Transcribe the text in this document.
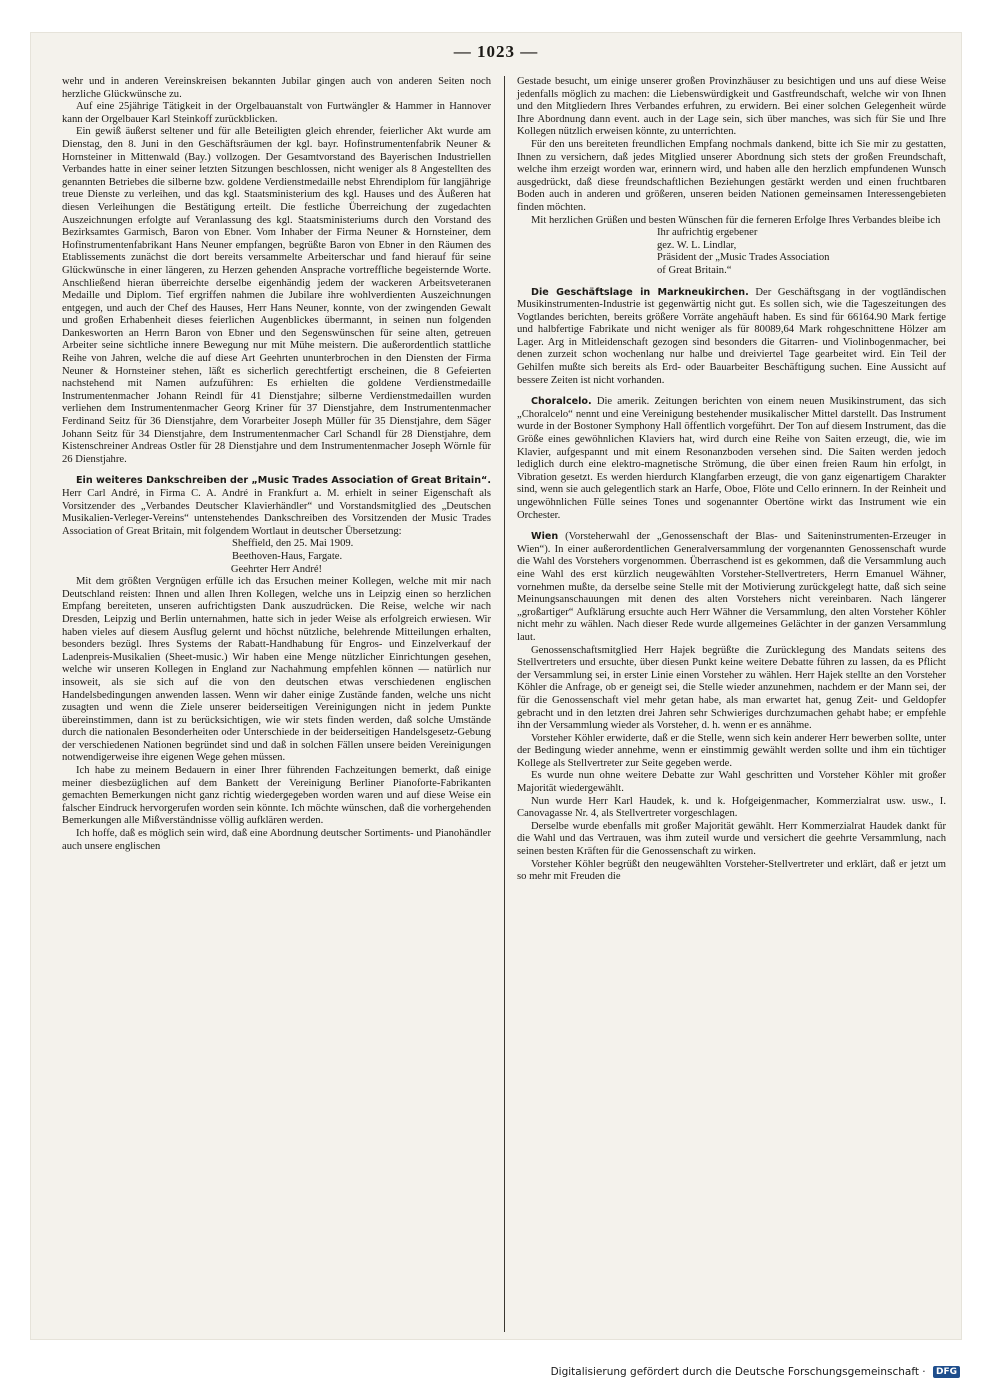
— 1023 —

wehr und in anderen Vereinskreisen bekannten Jubilar gingen auch von anderen Seiten noch herzliche Glückwünsche zu.

Auf eine 25jährige Tätigkeit in der Orgelbauanstalt von Furtwängler & Hammer in Hannover kann der Orgelbauer Karl Steinkoff zurückblicken.

Ein gewiß äußerst seltener und für alle Beteiligten gleich ehrender, feierlicher Akt wurde am Dienstag, den 8. Juni in den Geschäftsräumen der kgl. bayr. Hofinstrumentenfabrik Neuner & Hornsteiner in Mittenwald (Bay.) vollzogen. Der Gesamtvorstand des Bayerischen Industriellen Verbandes hatte in einer seiner letzten Sitzungen beschlossen, nicht weniger als 8 Angestellten des genannten Betriebes die silberne bzw. goldene Verdienstmedaille nebst Ehrendiplom für langjährige treue Dienste zu verleihen, und das kgl. Staatsministerium des kgl. Hauses und des Äußeren hat diesen Verleihungen die Bestätigung erteilt. Die festliche Überreichung der zugedachten Auszeichnungen erfolgte auf Veranlassung des kgl. Staatsministeriums durch den Vorstand des Bezirksamtes Garmisch, Baron von Ebner. Vom Inhaber der Firma Neuner & Hornsteiner, dem Hofinstrumentenfabrikant Hans Neuner empfangen, begrüßte Baron von Ebner in den Räumen des Etablissements zunächst die dort bereits versammelte Arbeiterschar und fand hierauf für seine Glückwünsche in einer längeren, zu Herzen gehenden Ansprache vortreffliche begeisternde Worte. Anschließend hieran überreichte derselbe eigenhändig jedem der wackeren Arbeitsveteranen Medaille und Diplom. Tief ergriffen nahmen die Jubilare ihre wohlverdienten Auszeichnungen entgegen, und auch der Chef des Hauses, Herr Hans Neuner, konnte, von der zwingenden Gewalt und großen Erhabenheit dieses feierlichen Augenblickes übermannt, in seinen nun folgenden Dankesworten an Herrn Baron von Ebner und den Segenswünschen für seine alten, getreuen Arbeiter seine sichtliche innere Bewegung nur mit Mühe meistern. Die außerordentlich stattliche Reihe von Jahren, welche die auf diese Art Geehrten ununterbrochen in den Diensten der Firma Neuner & Hornsteiner stehen, läßt es sicherlich gerechtfertigt erscheinen, die 8 Gefeierten nachstehend mit Namen aufzuführen: Es erhielten die goldene Verdienstmedaille Instrumentenmacher Johann Reindl für 41 Dienstjahre; silberne Verdienstmedaillen wurden verliehen dem Instrumentenmacher Georg Kriner für 37 Dienstjahre, dem Instrumentenmacher Ferdinand Seitz für 36 Dienstjahre, dem Vorarbeiter Joseph Müller für 35 Dienstjahre, dem Säger Johann Seitz für 34 Dienstjahre, dem Instrumentenmacher Carl Schandl für 28 Dienstjahre, dem Kistenschreiner Andreas Ostler für 28 Dienstjahre und dem Instrumentenmacher Joseph Wörnle für 26 Dienstjahre.

Ein weiteres Dankschreiben der „Music Trades Association of Great Britain“. Herr Carl André, in Firma C. A. André in Frankfurt a. M. erhielt in seiner Eigenschaft als Vorsitzender des „Verbandes Deutscher Klavierhändler“ und Vorstandsmitglied des „Deutschen Musikalien-Verleger-Vereins“ untenstehendes Dankschreiben des Vorsitzenden der Music Trades Association of Great Britain, mit folgendem Wortlaut in deutscher Übersetzung:

Sheffield, den 25. Mai 1909.

Beethoven-Haus, Fargate.

Geehrter Herr André!

Mit dem größten Vergnügen erfülle ich das Ersuchen meiner Kollegen, welche mit mir nach Deutschland reisten: Ihnen und allen Ihren Kollegen, welche uns in Leipzig einen so herzlichen Empfang bereiteten, unseren aufrichtigsten Dank auszudrücken. Die Reise, welche wir nach Dresden, Leipzig und Berlin unternahmen, hatte sich in jeder Weise als erfolgreich erwiesen. Wir haben vieles auf diesem Ausflug gelernt und höchst nützliche, belehrende Mitteilungen erhalten, besonders bezügl. Ihres Systems der Rabatt-Handhabung für Engros- und Einzelverkauf der Ladenpreis-Musikalien (Sheet-music.) Wir haben eine Menge nützlicher Einrichtungen gesehen, welche wir unseren Kollegen in England zur Nachahmung empfehlen können — natürlich nur insoweit, als sie sich auf die von den deutschen etwas verschiedenen englischen Handelsbedingungen anwenden lassen. Wenn wir daher einige Zustände fanden, welche uns nicht zusagten und wenn die Ziele unserer beiderseitigen Vereinigungen nicht in jedem Punkte übereinstimmen, dann ist zu berücksichtigen, wie wir stets finden werden, daß solche Umstände durch die nationalen Besonderheiten oder Unterschiede in der beiderseitigen Handelsgesetz-Gebung der verschiedenen Nationen begründet sind und daß in solchen Fällen unsere beiden Vereinigungen notwendigerweise ihre eigenen Wege gehen müssen.

Ich habe zu meinem Bedauern in einer Ihrer führenden Fachzeitungen bemerkt, daß einige meiner diesbezüglichen auf dem Bankett der Vereinigung Berliner Pianoforte-Fabrikanten gemachten Bemerkungen nicht ganz richtig wiedergegeben worden waren und auf diese Weise ein falscher Eindruck hervorgerufen worden sein könnte. Ich möchte wünschen, daß die vorhergehenden Bemerkungen alle Mißverständnisse völlig aufklären werden.

Ich hoffe, daß es möglich sein wird, daß eine Abordnung deutscher Sortiments- und Pianohändler auch unsere englischen

Gestade besucht, um einige unserer großen Provinzhäuser zu besichtigen und uns auf diese Weise jedenfalls möglich zu machen: die Liebenswürdigkeit und Gastfreundschaft, welche wir von Ihnen und den Mitgliedern Ihres Verbandes erfuhren, zu erwidern. Bei einer solchen Gelegenheit würde Ihre Abordnung dann event. auch in der Lage sein, sich über manches, was sich für Sie und Ihre Kollegen nützlich erweisen könnte, zu unterrichten.

Für den uns bereiteten freundlichen Empfang nochmals dankend, bitte ich Sie mir zu gestatten, Ihnen zu versichern, daß jedes Mitglied unserer Abordnung sich stets der großen Freundschaft, welche ihm erzeigt worden war, erinnern wird, und haben alle den herzlich empfundenen Wunsch ausgedrückt, daß diese freundschaftlichen Beziehungen gestärkt werden und einen fruchtbaren Boden auch in anderen und größeren, unseren beiden Nationen gemeinsamen Interessengebieten finden möchten.

Mit herzlichen Grüßen und besten Wünschen für die ferneren Erfolge Ihres Verbandes bleibe ich

Ihr aufrichtig ergebener

gez. W. L. Lindlar,

Präsident der „Music Trades Association

of Great Britain.“

Die Geschäftslage in Markneukirchen. Der Geschäftsgang in der vogtländischen Musikinstrumenten-Industrie ist gegenwärtig nicht gut. Es sollen sich, wie die Tageszeitungen des Vogtlandes berichten, bereits größere Vorräte angehäuft haben. Es sind für 66164.90 Mark fertige und halbfertige Fabrikate und nicht weniger als für 80089,64 Mark rohgeschnittene Hölzer am Lager. Arg in Mitleidenschaft gezogen sind besonders die Gitarren- und Violinbogenmacher, bei denen zurzeit schon wochenlang nur halbe und dreiviertel Tage gearbeitet wird. Ein Teil der Gehilfen mußte sich bereits als Erd- oder Bauarbeiter Beschäftigung suchen. Eine Aussicht auf bessere Zeiten ist nicht vorhanden.

Choralcelo. Die amerik. Zeitungen berichten von einem neuen Musikinstrument, das sich „Choralcelo“ nennt und eine Vereinigung bestehender musikalischer Mittel darstellt. Das Instrument wurde in der Bostoner Symphony Hall öffentlich vorgeführt. Der Ton auf diesem Instrument, das die Größe eines gewöhnlichen Klaviers hat, wird durch eine Reihe von Saiten erzeugt, die, wie im Klavier, aufgespannt und mit einem Resonanzboden versehen sind. Die Saiten werden jedoch lediglich durch eine elektro-magnetische Strömung, die über einen freien Raum hin erfolgt, in Vibration gesetzt. Es werden hierdurch Klangfarben erzeugt, die von ganz eigenartigem Charakter sind, wenn sie auch gelegentlich stark an Harfe, Oboe, Flöte und Cello erinnern. In der Reinheit und ungewöhnlichen Fülle seines Tones und sogenannter Obertöne wirkt das Instrument wie ein Orchester.

Wien (Vorsteherwahl der „Genossenschaft der Blas- und Saiteninstrumenten-Erzeuger in Wien“). In einer außerordentlichen Generalversammlung der vorgenannten Genossenschaft wurde die Wahl des Vorstehers vorgenommen. Überraschend ist es gekommen, daß die Versammlung auch eine Wahl des erst kürzlich neugewählten Vorsteher-Stellvertreters, Herrn Emanuel Wähner, vornehmen mußte, da derselbe seine Stelle mit der Motivierung zurückgelegt hatte, daß sich seine Meinungsanschauungen mit denen des alten Vorstehers nicht vereinbaren. Nach längerer „großartiger“ Aufklärung ersuchte auch Herr Wähner die Versammlung, den alten Vorsteher Köhler nicht mehr zu wählen. Nach dieser Rede wurde allgemeines Gelächter in der ganzen Versammlung laut.

Genossenschaftsmitglied Herr Hajek begrüßte die Zurücklegung des Mandats seitens des Stellvertreters und ersuchte, über diesen Punkt keine weitere Debatte führen zu lassen, da es Pflicht der Versammlung sei, in erster Linie einen Vorsteher zu wählen. Herr Hajek stellte an den Vorsteher Köhler die Anfrage, ob er geneigt sei, die Stelle wieder anzunehmen, nachdem er der Mann sei, der für die Genossenschaft viel mehr getan habe, als man erwartet hat, genug Zeit- und Geldopfer gebracht und in den letzten drei Jahren sehr Schwieriges durchzumachen gehabt habe; er empfehle ihn der Versammlung wieder als Vorsteher, d. h. wenn er es annähme.

Vorsteher Köhler erwiderte, daß er die Stelle, wenn sich kein anderer Herr bewerben sollte, unter der Bedingung wieder annehme, wenn er einstimmig gewählt werden sollte und ihm ein tüchtiger Kollege als Stellvertreter zur Seite gegeben werde.

Es wurde nun ohne weitere Debatte zur Wahl geschritten und Vorsteher Köhler mit großer Majorität wiedergewählt.

Nun wurde Herr Karl Haudek, k. und k. Hofgeigenmacher, Kommerzialrat usw. usw., I. Canovagasse Nr. 4, als Stellvertreter vorgeschlagen.

Derselbe wurde ebenfalls mit großer Majorität gewählt. Herr Kommerzialrat Haudek dankt für die Wahl und das Vertrauen, was ihm zuteil wurde und versichert die geehrte Versammlung, nach seinen besten Kräften für die Genossenschaft zu wirken.

Vorsteher Köhler begrüßt den neugewählten Vorsteher-Stellvertreter und erklärt, daß er jetzt um so mehr mit Freuden die

Digitalisierung gefördert durch die Deutsche Forschungsgemeinschaft · DFG
